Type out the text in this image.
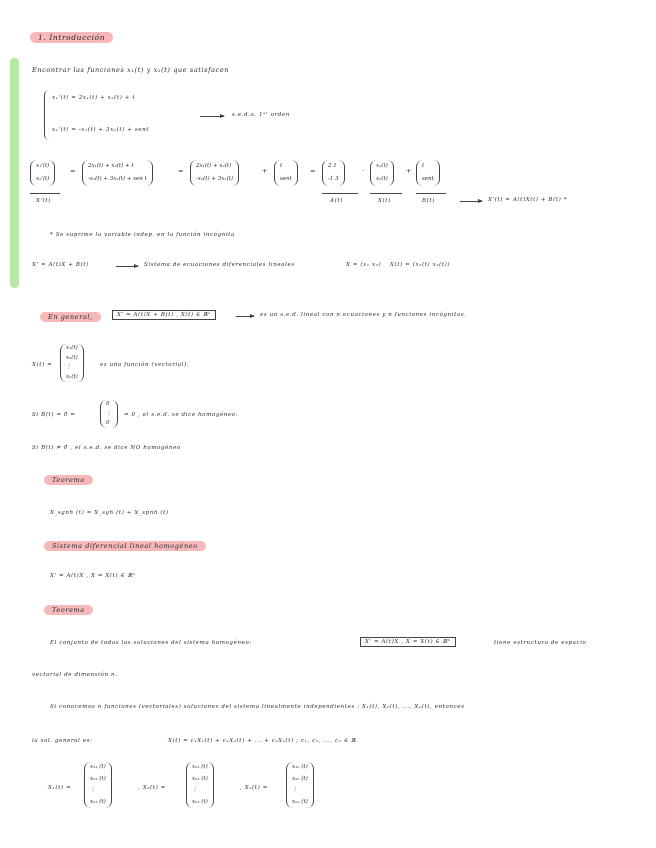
1. Introducción
Encontrar las funciones x₁(t) y x₂(t) que satisfacen
x₁'(t) = 2x₁(t) + x₂(t) + t
x₂'(t) = -x₁(t) + 3x₂(t) + sent
s.e.d.o. 1ᵉʳ orden
x₁'(t)
x₂'(t)
X'(t)
=
2x₁(t) + x₂(t) + t
-x₁(t) + 3x₂(t) + sen t
=
2x₁(t) + x₂(t)
-x₁(t) + 3x₂(t)
+
t
sent
=
2 1
-1 3
A(t)
·
x₁(t)
x₂(t)
X(t)
+
t
sent
B(t)	X'(t) = A(t)X(t) + B(t) *
* Se suprime la variable indep. en la función incógnita
X' = A(t)X + B(t)	Sistema de ecuaciones diferenciales lineales	X = (x₁ x₂) X(t) = (x₁(t) x₂(t))
En general,	X' = A(t)X + B(t) , X(t) ∈ ℝⁿ	es un s.e.d. lineal con n ecuaciones y n funciones incógnitas.
X(t) =
x₁(t)
x₂(t)
⋮
xₙ(t)
es una función (vectorial).
Si B(t) = 0̄ =
0
⋮
0
= 0 , el s.e.d. se dice homogéneo.
Si B(t) ≠ 0̄ , el s.e.d. se dice NO homogéneo
Teorema
X_sgnh (t) = X_sgh (t) + X_spnh (t)
Sistema diferencial lineal homogéneo
X' = A(t)X , X = X(t) ∈ ℝⁿ
Teorema
El conjunto de todas las soluciones del sistema homogéneo:	X' = A(t)X , X = X(t) ∈ ℝⁿ	tiene estructura de espacio
vectorial de dimensión n.
Si conocemos n funciones (vectoriales) soluciones del sistema linealmente independientes : X₁(t), X₂(t), ..., Xₙ(t), entonces
la sol. general es:	X(t) = c₁X₁(t) + c₂X₂(t) + ... + cₙXₙ(t) ; c₁, c₂, ..., cₙ ∈ ℝ
X₁(t) =
x₁₁ (t)
x₂₁ (t)
⋮
xₙ₁ (t)
, X₂(t) =
x₁₂ (t)
x₂₂ (t)
⋮
xₙ₂ (t)
, Xₙ(t) =
x₁ₙ (t)
x₂ₙ (t)
⋮
xₙₙ (t)
